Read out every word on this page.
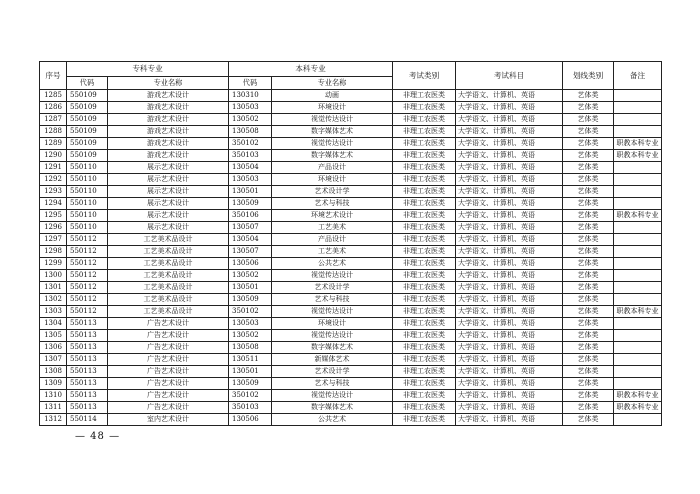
序号	专科专业		本科专业		考试类别	考试科目	划线类别	备注
	代码	专业名称	代码	专业名称				
1285	550109	游戏艺术设计	130310	动画	非理工农医类	大学语文、计算机、英语	艺体类	
1286	550109	游戏艺术设计	130503	环境设计	非理工农医类	大学语文、计算机、英语	艺体类	
1287	550109	游戏艺术设计	130502	视觉传达设计	非理工农医类	大学语文、计算机、英语	艺体类	
1288	550109	游戏艺术设计	130508	数字媒体艺术	非理工农医类	大学语文、计算机、英语	艺体类	
1289	550109	游戏艺术设计	350102	视觉传达设计	非理工农医类	大学语文、计算机、英语	艺体类	职教本科专业
1290	550109	游戏艺术设计	350103	数字媒体艺术	非理工农医类	大学语文、计算机、英语	艺体类	职教本科专业
1291	550110	展示艺术设计	130504	产品设计	非理工农医类	大学语文、计算机、英语	艺体类	
1292	550110	展示艺术设计	130503	环境设计	非理工农医类	大学语文、计算机、英语	艺体类	
1293	550110	展示艺术设计	130501	艺术设计学	非理工农医类	大学语文、计算机、英语	艺体类	
1294	550110	展示艺术设计	130509	艺术与科技	非理工农医类	大学语文、计算机、英语	艺体类	
1295	550110	展示艺术设计	350106	环境艺术设计	非理工农医类	大学语文、计算机、英语	艺体类	职教本科专业
1296	550110	展示艺术设计	130507	工艺美术	非理工农医类	大学语文、计算机、英语	艺体类	
1297	550112	工艺美术品设计	130504	产品设计	非理工农医类	大学语文、计算机、英语	艺体类	
1298	550112	工艺美术品设计	130507	工艺美术	非理工农医类	大学语文、计算机、英语	艺体类	
1299	550112	工艺美术品设计	130506	公共艺术	非理工农医类	大学语文、计算机、英语	艺体类	
1300	550112	工艺美术品设计	130502	视觉传达设计	非理工农医类	大学语文、计算机、英语	艺体类	
1301	550112	工艺美术品设计	130501	艺术设计学	非理工农医类	大学语文、计算机、英语	艺体类	
1302	550112	工艺美术品设计	130509	艺术与科技	非理工农医类	大学语文、计算机、英语	艺体类	
1303	550112	工艺美术品设计	350102	视觉传达设计	非理工农医类	大学语文、计算机、英语	艺体类	职教本科专业
1304	550113	广告艺术设计	130503	环境设计	非理工农医类	大学语文、计算机、英语	艺体类	
1305	550113	广告艺术设计	130502	视觉传达设计	非理工农医类	大学语文、计算机、英语	艺体类	
1306	550113	广告艺术设计	130508	数字媒体艺术	非理工农医类	大学语文、计算机、英语	艺体类	
1307	550113	广告艺术设计	130511	新媒体艺术	非理工农医类	大学语文、计算机、英语	艺体类	
1308	550113	广告艺术设计	130501	艺术设计学	非理工农医类	大学语文、计算机、英语	艺体类	
1309	550113	广告艺术设计	130509	艺术与科技	非理工农医类	大学语文、计算机、英语	艺体类	
1310	550113	广告艺术设计	350102	视觉传达设计	非理工农医类	大学语文、计算机、英语	艺体类	职教本科专业
1311	550113	广告艺术设计	350103	数字媒体艺术	非理工农医类	大学语文、计算机、英语	艺体类	职教本科专业
1312	550114	室内艺术设计	130506	公共艺术	非理工农医类	大学语文、计算机、英语	艺体类	
— 48 —
